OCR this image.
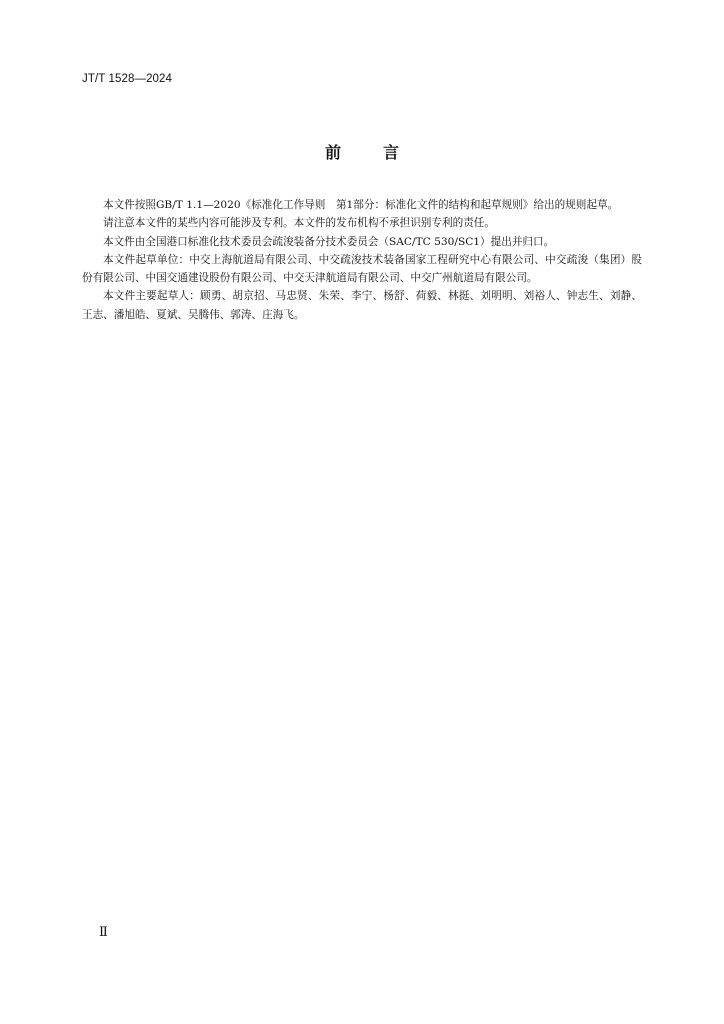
JT/T 1528—2024
前	言

本文件按照GB/T 1.1—2020《标准化工作导则　第1部分：标准化文件的结构和起草规则》给出的规则起草。

请注意本文件的某些内容可能涉及专利。本文件的发布机构不承担识别专利的责任。

本文件由全国港口标准化技术委员会疏浚装备分技术委员会（SAC/TC 530/SC1）提出并归口。

本文件起草单位：中交上海航道局有限公司、中交疏浚技术装备国家工程研究中心有限公司、中交疏浚（集团）股份有限公司、中国交通建设股份有限公司、中交天津航道局有限公司、中交广州航道局有限公司。

本文件主要起草人：顾勇、胡京招、马忠贤、朱荣、李宁、杨舒、荷毅、林挺、刘明明、刘裕人、钟志生、刘静、王志、潘旭皓、夏斌、吴腾伟、郭涛、庄海飞。

Ⅱ
